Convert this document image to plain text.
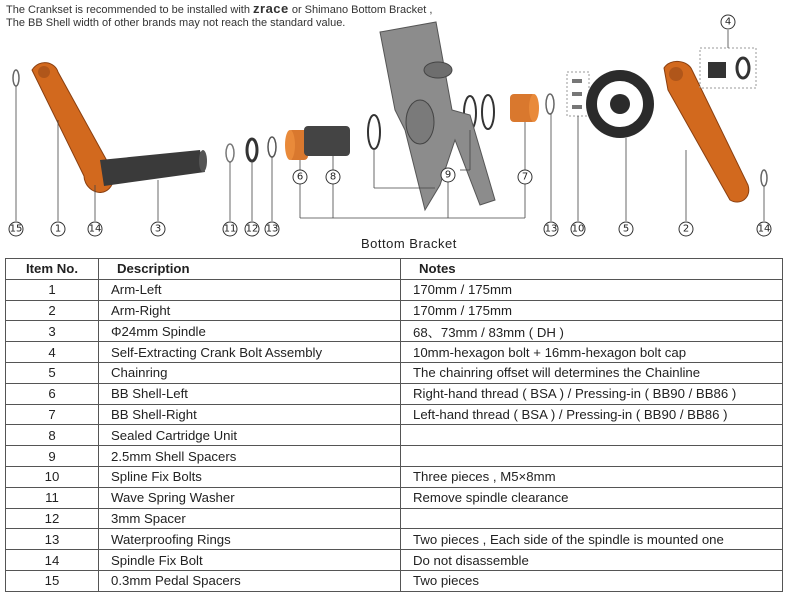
The Crankset is recommended to be installed with zrace or Shimano Bottom Bracket ,
The BB Shell width of other brands may not reach the standard value.
15	1	14	3	11 12 13
6	8	9	7
13 10	5	2	14
4
Bottom Bracket
Item No.	Description	Notes
1	Arm-Left	170mm / 175mm
2	Arm-Right	170mm / 175mm
3	Φ24mm Spindle	68、73mm / 83mm ( DH )
4	Self-Extracting Crank Bolt Assembly	10mm-hexagon bolt + 16mm-hexagon bolt cap
5	Chainring	The chainring offset will determines the Chainline
6	BB Shell-Left	Right-hand thread ( BSA ) / Pressing-in ( BB90 / BB86 )
7	BB Shell-Right	Left-hand thread ( BSA ) / Pressing-in ( BB90 / BB86 )
8	Sealed Cartridge Unit	
9	2.5mm Shell Spacers	
10	Spline Fix Bolts	Three pieces , M5×8mm
11	Wave Spring Washer	Remove spindle clearance
12	3mm Spacer	
13	Waterproofing Rings	Two pieces , Each side of the spindle is mounted one
14	Spindle Fix Bolt	Do not disassemble
15	0.3mm Pedal Spacers	Two pieces
